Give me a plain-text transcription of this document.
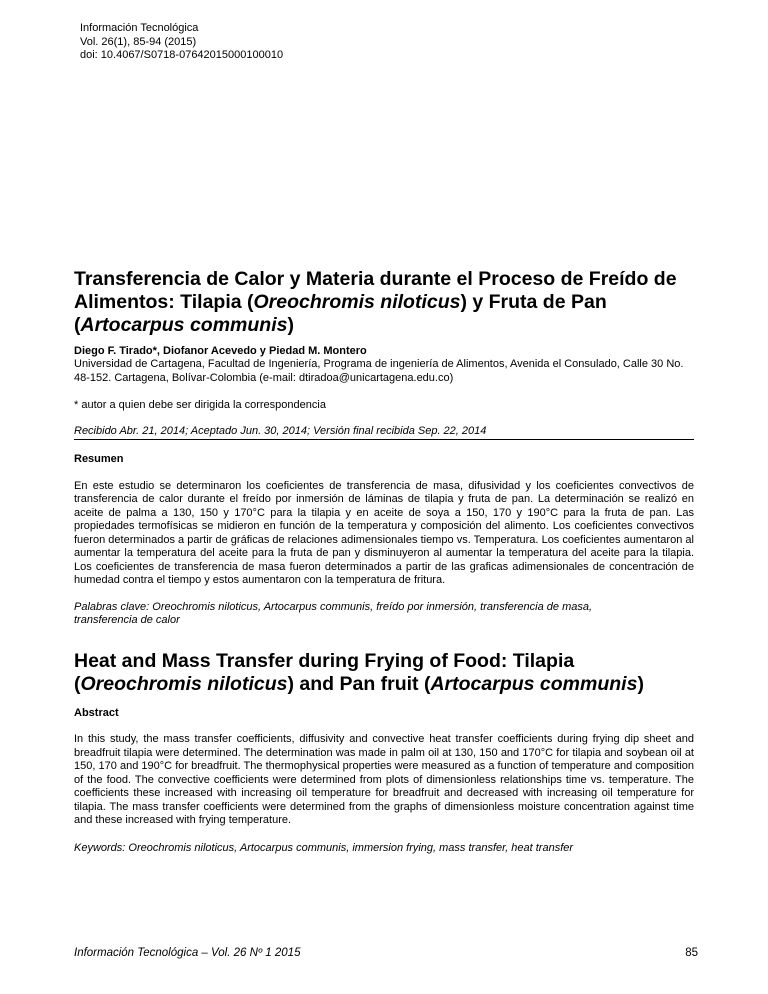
Información Tecnológica
Vol. 26(1), 85-94 (2015)
doi: 10.4067/S0718-07642015000100010
Transferencia de Calor y Materia durante el Proceso de Freído de Alimentos: Tilapia (Oreochromis niloticus) y Fruta de Pan (Artocarpus communis)
Diego F. Tirado*, Diofanor Acevedo y Piedad M. Montero
Universidad de Cartagena, Facultad de Ingeniería, Programa de ingeniería de Alimentos, Avenida el Consulado, Calle 30 No. 48-152. Cartagena, Bolívar-Colombia (e-mail: dtiradoa@unicartagena.edu.co)
* autor a quien debe ser dirigida la correspondencia
Recibido Abr. 21, 2014; Aceptado Jun. 30, 2014; Versión final recibida Sep. 22, 2014
Resumen
En este estudio se determinaron los coeficientes de transferencia de masa, difusividad y los coeficientes convectivos de transferencia de calor durante el freído por inmersión de láminas de tilapia y fruta de pan. La determinación se realizó en aceite de palma a 130, 150 y 170°C para la tilapia y en aceite de soya a 150, 170 y 190°C para la fruta de pan. Las propiedades termofísicas se midieron en función de la temperatura y composición del alimento. Los coeficientes convectivos fueron determinados a partir de gráficas de relaciones adimensionales tiempo vs. Temperatura. Los coeficientes aumentaron al aumentar la temperatura del aceite para la fruta de pan y disminuyeron al aumentar la temperatura del aceite para la tilapia. Los coeficientes de transferencia de masa fueron determinados a partir de las graficas adimensionales de concentración de humedad contra el tiempo y estos aumentaron con la temperatura de fritura.
Palabras clave: Oreochromis niloticus, Artocarpus communis, freído por inmersión, transferencia de masa, transferencia de calor
Heat and Mass Transfer during Frying of Food: Tilapia (Oreochromis niloticus) and Pan fruit (Artocarpus communis)
Abstract
In this study, the mass transfer coefficients, diffusivity and convective heat transfer coefficients during frying dip sheet and breadfruit tilapia were determined. The determination was made in palm oil at 130, 150 and 170°C for tilapia and soybean oil at 150, 170 and 190°C for breadfruit. The thermophysical properties were measured as a function of temperature and composition of the food. The convective coefficients were determined from plots of dimensionless relationships time vs. temperature. The coefficients these increased with increasing oil temperature for breadfruit and decreased with increasing oil temperature for tilapia. The mass transfer coefficients were determined from the graphs of dimensionless moisture concentration against time and these increased with frying temperature.
Keywords: Oreochromis niloticus, Artocarpus communis, immersion frying, mass transfer, heat transfer
Información Tecnológica – Vol. 26 Nº 1 2015	85
